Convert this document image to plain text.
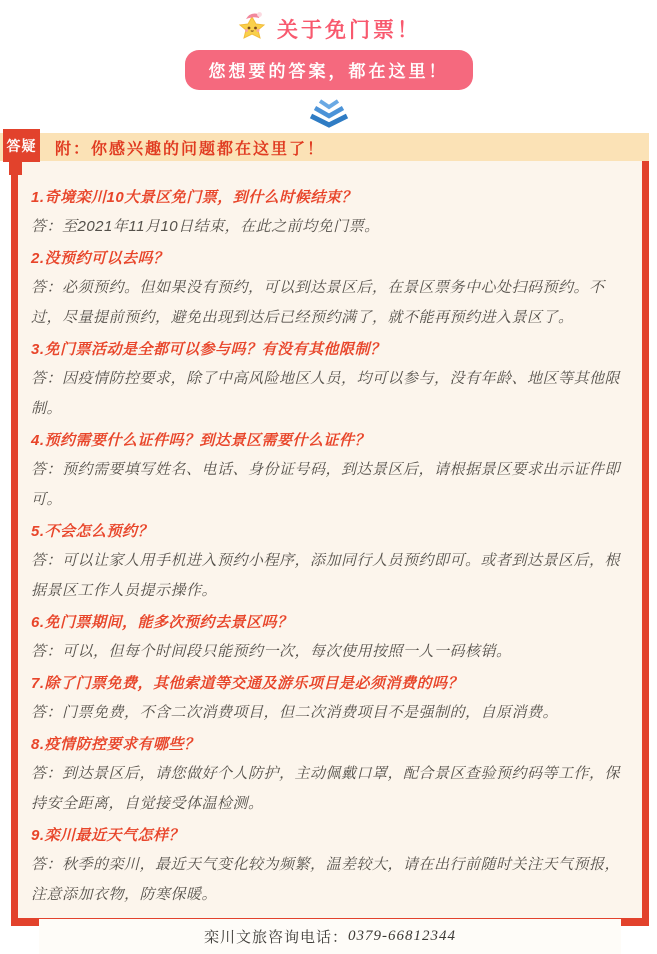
关于免门票！
您想要的答案，都在这里！
答疑 附：你感兴趣的问题都在这里了！
1.奇境栾川10大景区免门票，到什么时候结束？
答：至2021年11月10日结束，在此之前均免门票。
2.没预约可以去吗？
答：必须预约。但如果没有预约，可以到达景区后，在景区票务中心处扫码预约。不过，尽量提前预约，避免出现到达后已经预约满了，就不能再预约进入景区了。
3.免门票活动是全都可以参与吗？有没有其他限制？
答：因疫情防控要求，除了中高风险地区人员，均可以参与，没有年龄、地区等其他限制。
4.预约需要什么证件吗？到达景区需要什么证件？
答：预约需要填写姓名、电话、身份证号码，到达景区后，请根据景区要求出示证件即可。
5.不会怎么预约？
答：可以让家人用手机进入预约小程序，添加同行人员预约即可。或者到达景区后，根据景区工作人员提示操作。
6.免门票期间，能多次预约去景区吗？
答：可以，但每个时间段只能预约一次，每次使用按照一人一码核销。
7.除了门票免费，其他索道等交通及游乐项目是必须消费的吗？
答：门票免费，不含二次消费项目，但二次消费项目不是强制的，自原消费。
8.疫情防控要求有哪些？
答：到达景区后，请您做好个人防护，主动佩戴口罩，配合景区查验预约码等工作，保持安全距离，自觉接受体温检测。
9.栾川最近天气怎样？
答：秋季的栾川，最近天气变化较为频繁，温差较大，请在出行前随时关注天气预报，注意添加衣物，防寒保暖。
栾川文旅咨询电话： 0379-66812344
